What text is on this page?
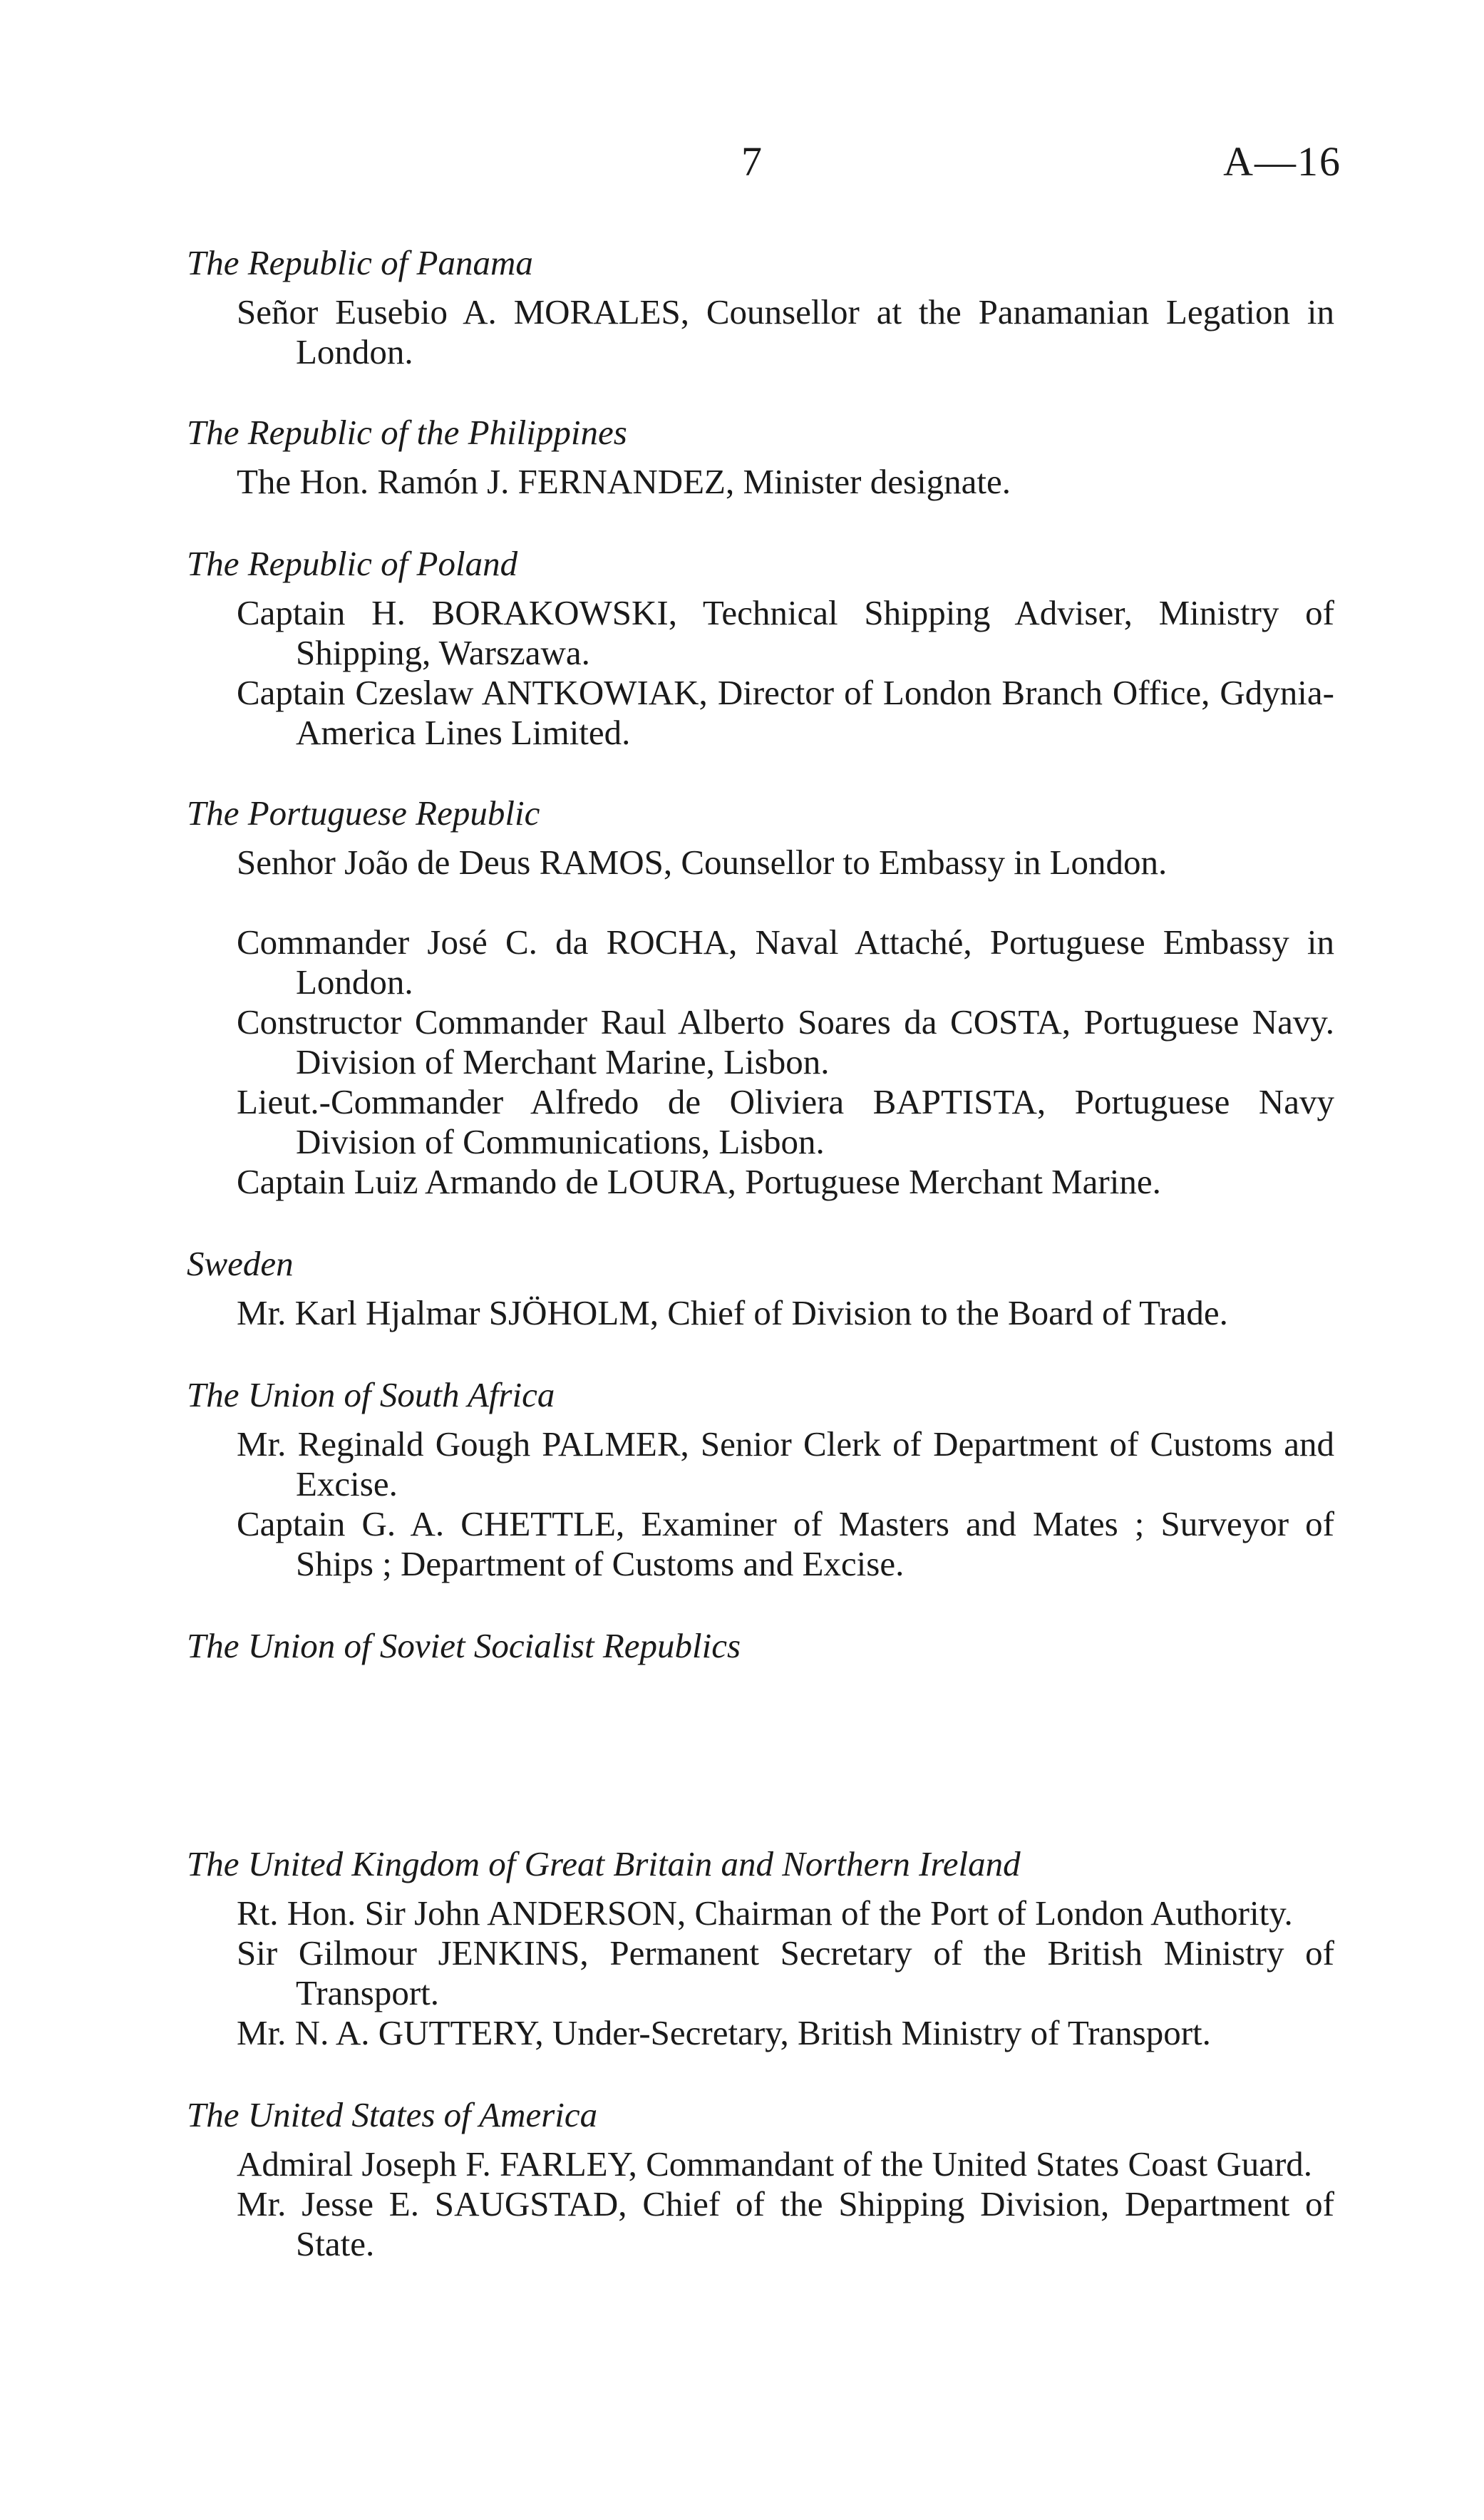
7	A—16

The Republic of Panama

Señor Eusebio A. MORALES, Counsellor at the Panamanian Legation in London.

The Republic of the Philippines

The Hon. Ramón J. FERNANDEZ, Minister designate.

The Republic of Poland

Captain H. BORAKOWSKI, Technical Shipping Adviser, Ministry of Shipping, Warszawa.
Captain Czeslaw ANTKOWIAK, Director of London Branch Office, Gdynia-America Lines Limited.

The Portuguese Republic

Senhor João de Deus RAMOS, Counsellor to Embassy in London.
Commander José C. da ROCHA, Naval Attaché, Portuguese Embassy in London.
Constructor Commander Raul Alberto Soares da COSTA, Portuguese Navy. Division of Merchant Marine, Lisbon.
Lieut.-Commander Alfredo de Oliviera BAPTISTA, Portuguese Navy Division of Communications, Lisbon.
Captain Luiz Armando de LOURA, Portuguese Merchant Marine.

Sweden

Mr. Karl Hjalmar SJÖHOLM, Chief of Division to the Board of Trade.

The Union of South Africa

Mr. Reginald Gough PALMER, Senior Clerk of Department of Customs and Excise.
Captain G. A. CHETTLE, Examiner of Masters and Mates ; Surveyor of Ships ; Department of Customs and Excise.

The Union of Soviet Socialist Republics

The United Kingdom of Great Britain and Northern Ireland

Rt. Hon. Sir John ANDERSON, Chairman of the Port of London Authority.
Sir Gilmour JENKINS, Permanent Secretary of the British Ministry of Transport.
Mr. N. A. GUTTERY, Under-Secretary, British Ministry of Transport.

The United States of America

Admiral Joseph F. FARLEY, Commandant of the United States Coast Guard.
Mr. Jesse E. SAUGSTAD, Chief of the Shipping Division, Department of State.
